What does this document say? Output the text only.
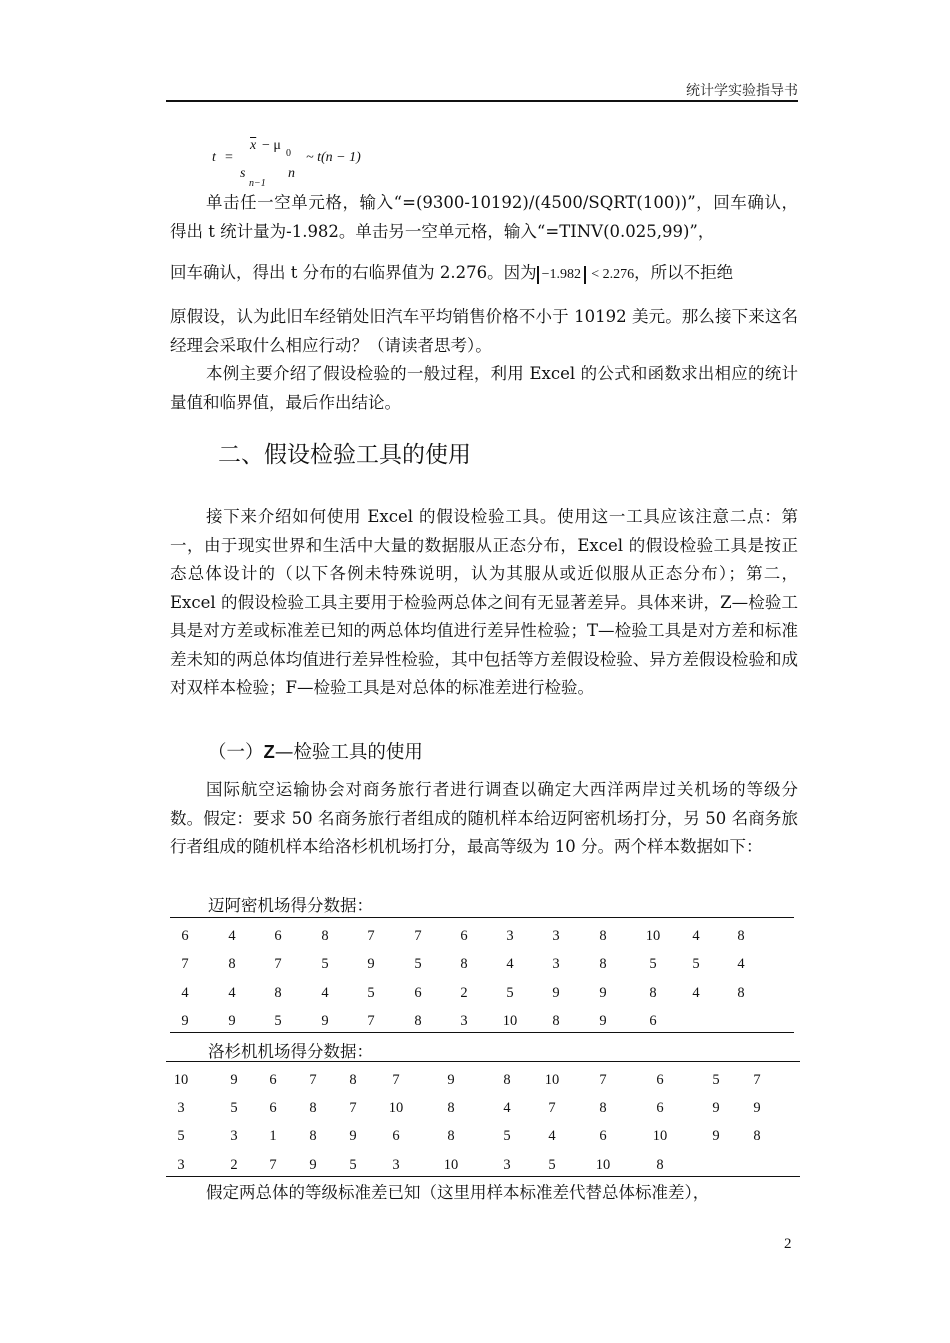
统计学实验指导书
t =
$\overline{x} - \mu$
0
s
n−1
n
~ t(n − 1)

单击任一空单元格，输入“=(9300-10192)/(4500/SQRT(100))”，回车确认，得出 t 统计量为-1.982。单击另一空单元格，输入“=TINV(0.025,99)”，

回车确认，得出 t 分布的右临界值为 2.276。因为 −1.982 < 2.276，所以不拒绝

原假设，认为此旧车经销处旧汽车平均销售价格不小于 10192 美元。那么接下来这名经理会采取什么相应行动？（请读者思考）。

本例主要介绍了假设检验的一般过程，利用 Excel 的公式和函数求出相应的统计量值和临界值，最后作出结论。

二、假设检验工具的使用

接下来介绍如何使用 Excel 的假设检验工具。使用这一工具应该注意二点：第一，由于现实世界和生活中大量的数据服从正态分布，Excel 的假设检验工具是按正态总体设计的（以下各例未特殊说明，认为其服从或近似服从正态分布）；第二，Excel 的假设检验工具主要用于检验两总体之间有无显著差异。具体来讲，Z—检验工具是对方差或标准差已知的两总体均值进行差异性检验；T—检验工具是对方差和标准差未知的两总体均值进行差异性检验，其中包括等方差假设检验、异方差假设检验和成对双样本检验；F—检验工具是对总体的标准差进行检验。

（一）Z—检验工具的使用

国际航空运输协会对商务旅行者进行调查以确定大西洋两岸过关机场的等级分数。假定：要求 50 名商务旅行者组成的随机样本给迈阿密机场打分，另 50 名商务旅行者组成的随机样本给洛杉机机场打分，最高等级为 10 分。两个样本数据如下：

迈阿密机场得分数据：
6	4	6	8	7	7	6	3	3	8	10	4	8
7	8	7	5	9	5	8	4	3	8	5	5	4
4	4	8	4	5	6	2	5	9	9	8	4	8
9	9	5	9	7	8	3	10	8	9	6
洛杉机机场得分数据：
10	9	6	7	8	7	9	8	10	7	6	5	7
3	5	6	8	7	10	8	4	7	8	6	9	9
5	3	1	8	9	6	8	5	4	6	10	9	8
3	2	7	9	5	3	10	3	5	10	8

假定两总体的等级标准差已知（这里用样本标准差代替总体标准差），

2
